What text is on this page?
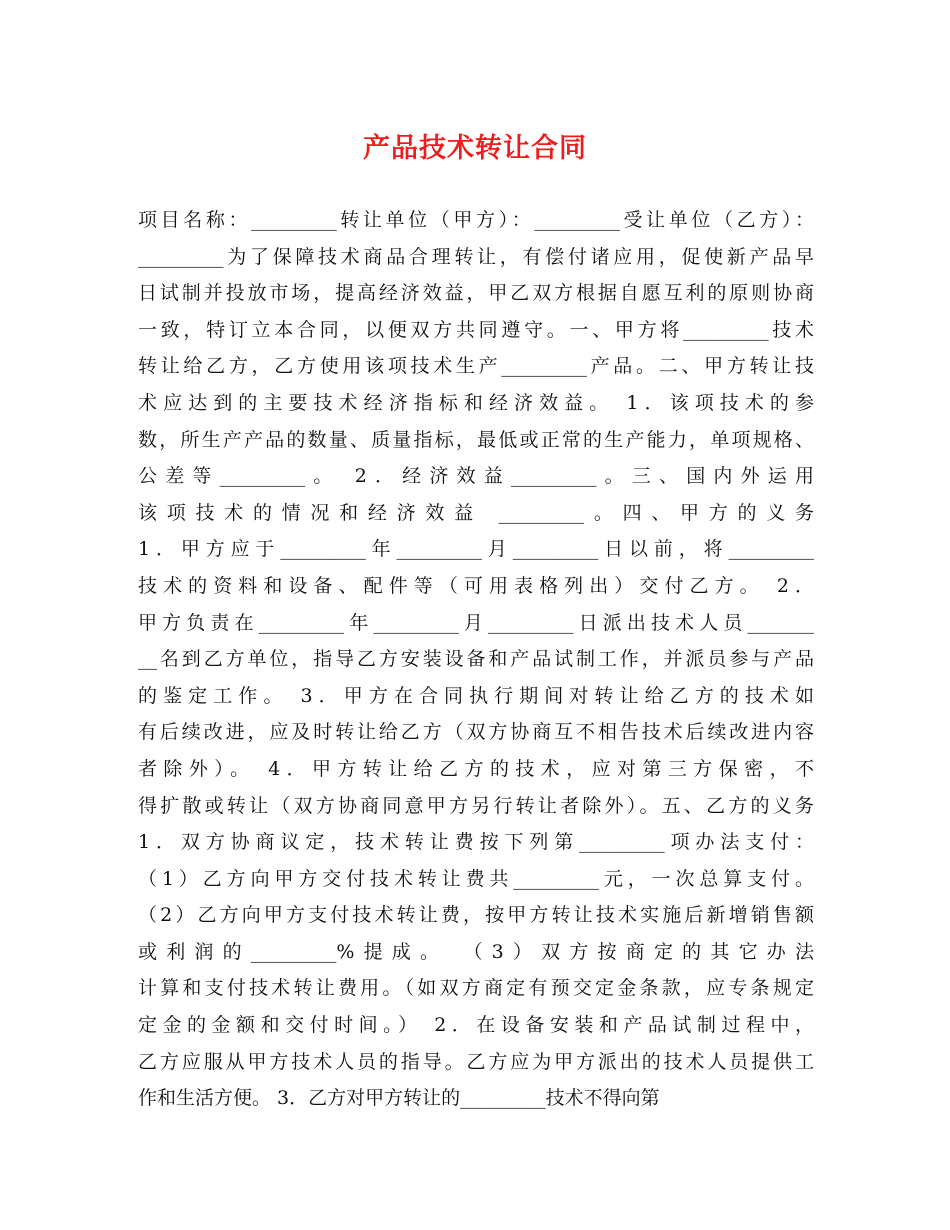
产品技术转让合同
项目名称：_________转让单位（甲方）：_________受让单位（乙方）：
_________为了保障技术商品合理转让，有偿付诸应用，促使新产品早
日试制并投放市场，提高经济效益，甲乙双方根据自愿互利的原则协商
一致，特订立本合同，以便双方共同遵守。一、甲方将_________技术
转让给乙方，乙方使用该项技术生产_________产品。二、甲方转让技
术应达到的主要技术经济指标和经济效益。 1．该项技术的参
数，所生产产品的数量、质量指标，最低或正常的生产能力，单项规格、
公差等_________。 2．经济效益_________。三、国内外运用
该项技术的情况和经济效益 _________。四、甲方的义务
1．甲方应于_________年_________月_________日以前，将_________
技术的资料和设备、配件等（可用表格列出）交付乙方。 2．
甲方负责在_________年_________月_________日派出技术人员_______
__名到乙方单位，指导乙方安装设备和产品试制工作，并派员参与产品
的鉴定工作。 3．甲方在合同执行期间对转让给乙方的技术如
有后续改进，应及时转让给乙方（双方协商互不相告技术后续改进内容
者除外）。 4．甲方转让给乙方的技术，应对第三方保密，不
得扩散或转让（双方协商同意甲方另行转让者除外）。五、乙方的义务
1．双方协商议定，技术转让费按下列第_________项办法支付：
（1）乙方向甲方交付技术转让费共_________元，一次总算支付。
（2）乙方向甲方支付技术转让费，按甲方转让技术实施后新增销售额
或利润的_________%提成。 （3）双方按商定的其它办法
计算和支付技术转让费用。（如双方商定有预交定金条款，应专条规定
定金的金额和交付时间。） 2．在设备安装和产品试制过程中，
乙方应服从甲方技术人员的指导。乙方应为甲方派出的技术人员提供工
作和生活方便。 3．乙方对甲方转让的_________技术不得向第
